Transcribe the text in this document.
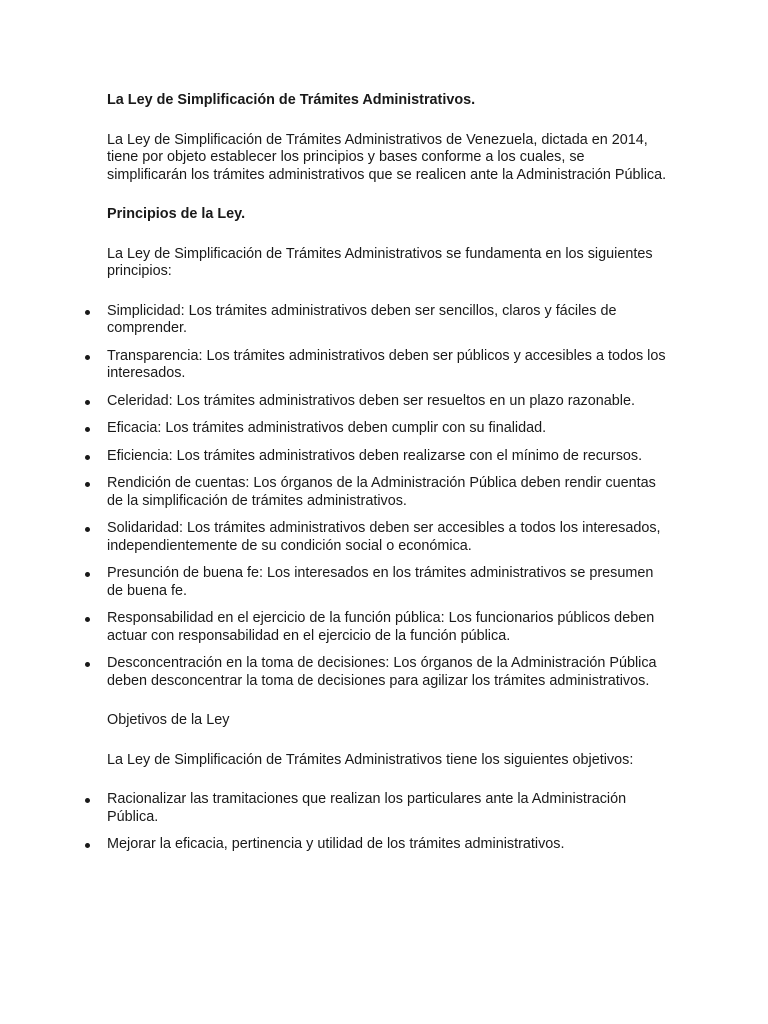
La Ley de Simplificación de Trámites Administrativos.
La Ley de Simplificación de Trámites Administrativos de Venezuela, dictada en 2014, tiene por objeto establecer los principios y bases conforme a los cuales, se simplificarán los trámites administrativos que se realicen ante la Administración Pública.
Principios de la Ley.
La Ley de Simplificación de Trámites Administrativos se fundamenta en los siguientes principios:
Simplicidad: Los trámites administrativos deben ser sencillos, claros y fáciles de comprender.
Transparencia: Los trámites administrativos deben ser públicos y accesibles a todos los interesados.
Celeridad: Los trámites administrativos deben ser resueltos en un plazo razonable.
Eficacia: Los trámites administrativos deben cumplir con su finalidad.
Eficiencia: Los trámites administrativos deben realizarse con el mínimo de recursos.
Rendición de cuentas: Los órganos de la Administración Pública deben rendir cuentas de la simplificación de trámites administrativos.
Solidaridad: Los trámites administrativos deben ser accesibles a todos los interesados, independientemente de su condición social o económica.
Presunción de buena fe: Los interesados en los trámites administrativos se presumen de buena fe.
Responsabilidad en el ejercicio de la función pública: Los funcionarios públicos deben actuar con responsabilidad en el ejercicio de la función pública.
Desconcentración en la toma de decisiones: Los órganos de la Administración Pública deben desconcentrar la toma de decisiones para agilizar los trámites administrativos.
Objetivos de la Ley
La Ley de Simplificación de Trámites Administrativos tiene los siguientes objetivos:
Racionalizar las tramitaciones que realizan los particulares ante la Administración Pública.
Mejorar la eficacia, pertinencia y utilidad de los trámites administrativos.
